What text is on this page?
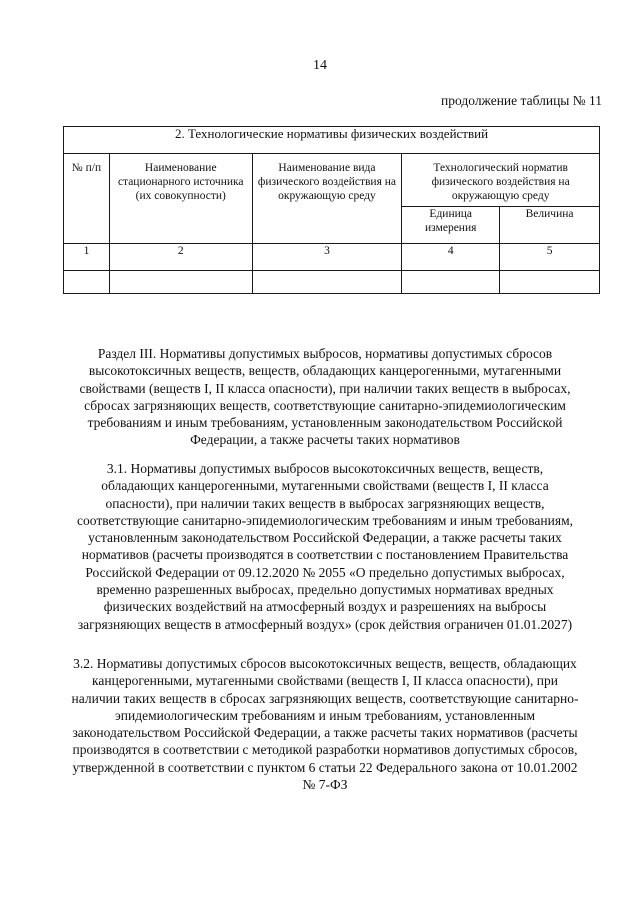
14
продолжение таблицы № 11
2. Технологические нормативы физических воздействий				
№ п/п	Наименование стационарного источника (их совокупности)	Наименование вида физического воздействия на окружающую среду	Технологический норматив физического воздействия на окружающую среду	
			Единица измерения	Величина
1	2	3	4	5

Раздел III. Нормативы допустимых выбросов, нормативы допустимых сбросов высокотоксичных веществ, веществ, обладающих канцерогенными, мутагенными свойствами (веществ I, II класса опасности), при наличии таких веществ в выбросах, сбросах загрязняющих веществ, соответствующие санитарно-эпидемиологическим требованиям и иным требованиям, установленным законодательством Российской Федерации, а также расчеты таких нормативов

3.1. Нормативы допустимых выбросов высокотоксичных веществ, веществ, обладающих канцерогенными, мутагенными свойствами (веществ I, II класса опасности), при наличии таких веществ в выбросах загрязняющих веществ, соответствующие санитарно-эпидемиологическим требованиям и иным требованиям, установленным законодательством Российской Федерации, а также расчеты таких нормативов (расчеты производятся в соответствии с постановлением Правительства Российской Федерации от 09.12.2020 № 2055 «О предельно допустимых выбросах, временно разрешенных выбросах, предельно допустимых нормативах вредных физических воздействий на атмосферный воздух и разрешениях на выбросы загрязняющих веществ в атмосферный воздух» (срок действия ограничен 01.01.2027)

3.2. Нормативы допустимых сбросов высокотоксичных веществ, веществ, обладающих канцерогенными, мутагенными свойствами (веществ I, II класса опасности), при наличии таких веществ в сбросах загрязняющих веществ, соответствующие санитарно-эпидемиологическим требованиям и иным требованиям, установленным законодательством Российской Федерации, а также расчеты таких нормативов (расчеты производятся в соответствии с методикой разработки нормативов допустимых сбросов, утвержденной в соответствии с пунктом 6 статьи 22 Федерального закона от 10.01.2002 № 7-ФЗ
